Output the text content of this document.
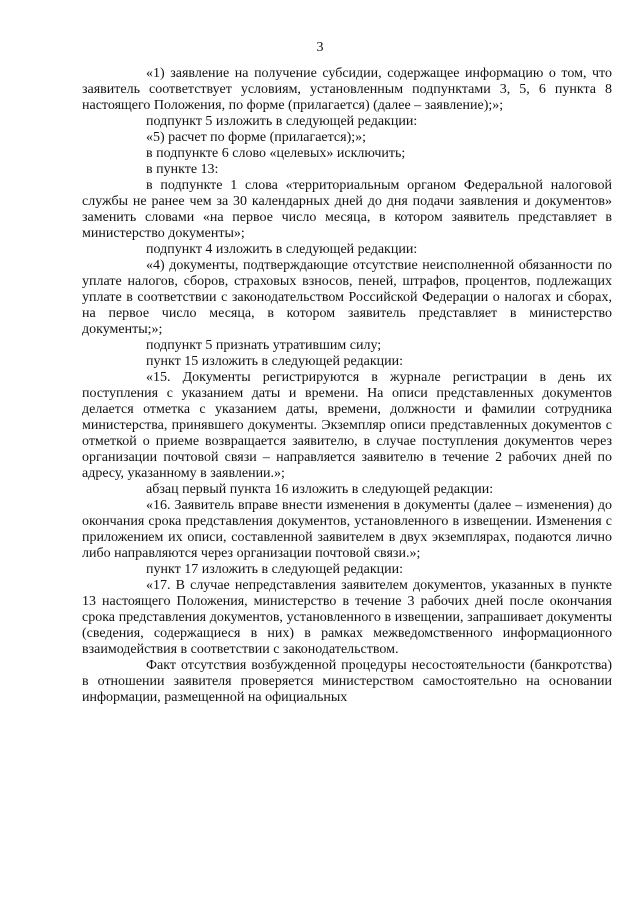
3

«1) заявление на получение субсидии, содержащее информацию о том, что заявитель соответствует условиям, установленным подпунктами 3, 5, 6 пункта 8 настоящего Положения, по форме (прилагается) (далее – заявление);»;

подпункт 5 изложить в следующей редакции:

«5) расчет по форме (прилагается);»;

в подпункте 6 слово «целевых» исключить;

в пункте 13:

в подпункте 1 слова «территориальным органом Федеральной налоговой службы не ранее чем за 30 календарных дней до дня подачи заявления и документов» заменить словами «на первое число месяца, в котором заявитель представляет в министерство документы»;

подпункт 4 изложить в следующей редакции:

«4) документы, подтверждающие отсутствие неисполненной обязанности по уплате налогов, сборов, страховых взносов, пеней, штрафов, процентов, подлежащих уплате в соответствии с законодательством Российской Федерации о налогах и сборах, на первое число месяца, в котором заявитель представляет в министерство документы;»;

подпункт 5 признать утратившим силу;

пункт 15 изложить в следующей редакции:

«15. Документы регистрируются в журнале регистрации в день их поступления с указанием даты и времени. На описи представленных документов делается отметка с указанием даты, времени, должности и фамилии сотрудника министерства, принявшего документы. Экземпляр описи представленных документов с отметкой о приеме возвращается заявителю, в случае поступления документов через организации почтовой связи – направляется заявителю в течение 2 рабочих дней по адресу, указанному в заявлении.»;

абзац первый пункта 16 изложить в следующей редакции:

«16. Заявитель вправе внести изменения в документы (далее – изменения) до окончания срока представления документов, установленного в извещении. Изменения с приложением их описи, составленной заявителем в двух экземплярах, подаются лично либо направляются через организации почтовой связи.»;

пункт 17 изложить в следующей редакции:

«17. В случае непредставления заявителем документов, указанных в пункте 13 настоящего Положения, министерство в течение 3 рабочих дней после окончания срока представления документов, установленного в извещении, запрашивает документы (сведения, содержащиеся в них) в рамках межведомственного информационного взаимодействия в соответствии с законодательством.

Факт отсутствия возбужденной процедуры несостоятельности (банкротства) в отношении заявителя проверяется министерством самостоятельно на основании информации, размещенной на официальных
